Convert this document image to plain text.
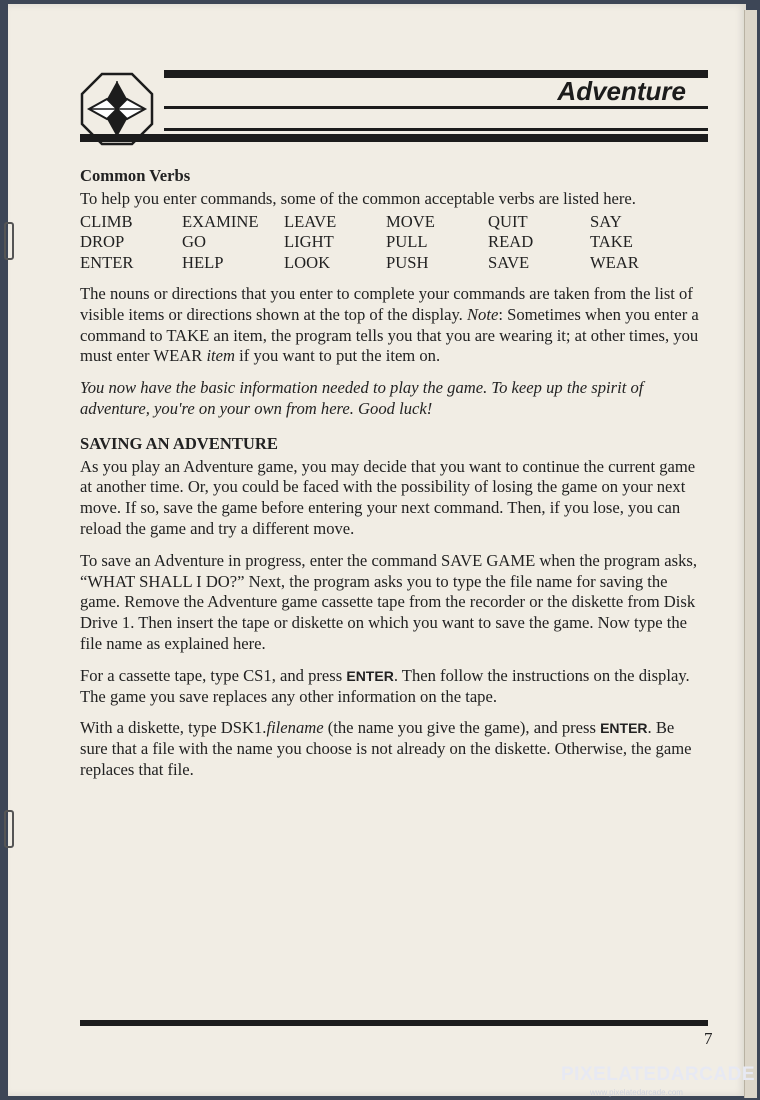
Adventure
Common Verbs

To help you enter commands, some of the common acceptable verbs are listed here.

CLIMB	EXAMINE	LEAVE	MOVE	QUIT	SAY
DROP	GO	LIGHT	PULL	READ	TAKE
ENTER	HELP	LOOK	PUSH	SAVE	WEAR

The nouns or directions that you enter to complete your commands are taken from the list of visible items or directions shown at the top of the display. Note: Sometimes when you enter a command to TAKE an item, the program tells you that you are wearing it; at other times, you must enter WEAR item if you want to put the item on.

You now have the basic information needed to play the game. To keep up the spirit of adventure, you're on your own from here. Good luck!

SAVING AN ADVENTURE

As you play an Adventure game, you may decide that you want to continue the current game at another time. Or, you could be faced with the possibility of losing the game on your next move. If so, save the game before entering your next command. Then, if you lose, you can reload the game and try a different move.

To save an Adventure in progress, enter the command SAVE GAME when the program asks, “WHAT SHALL I DO?” Next, the program asks you to type the file name for saving the game. Remove the Adventure game cassette tape from the recorder or the diskette from Disk Drive 1. Then insert the tape or diskette on which you want to save the game. Now type the file name as explained here.

For a cassette tape, type CS1, and press ENTER. Then follow the instructions on the display. The game you save replaces any other information on the tape.

With a diskette, type DSK1.filename (the name you give the game), and press ENTER. Be sure that a file with the name you choose is not already on the diskette. Otherwise, the game replaces that file.

7
PIXELATEDARCADE
www.pixelatedarcade.com
